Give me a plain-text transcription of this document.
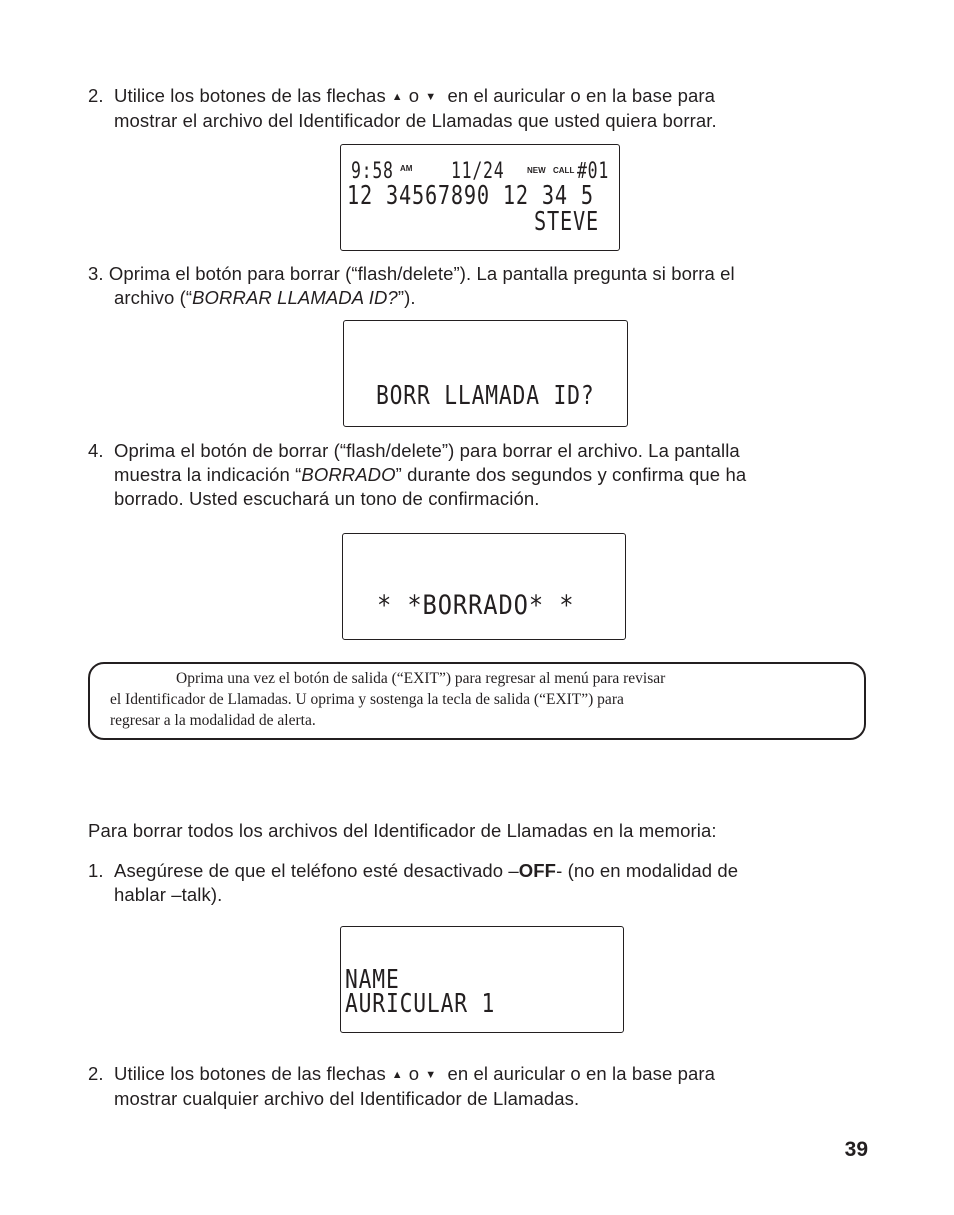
2. Utilice los botones de las flechas ▲ o ▼ en el auricular o en la base para
mostrar el archivo del Identificador de Llamadas que usted quiera borrar.
9:58 AM 11/24	NEW CALL #01
12 34567890 12 34 5
STEVE
3. Oprima el botón para borrar (“flash/delete”). La pantalla pregunta si borra el
archivo (“BORRAR LLAMADA ID?”).
BORR LLAMADA ID?
4. Oprima el botón de borrar (“flash/delete”) para borrar el archivo. La pantalla
muestra la indicación “BORRADO” durante dos segundos y confirma que ha
borrado. Usted escuchará un tono de confirmación.
* *BORRADO* *
Oprima una vez el botón de salida (“EXIT”) para regresar al menú para revisar
el Identificador de Llamadas. U oprima y sostenga la tecla de salida (“EXIT”) para
regresar a la modalidad de alerta.
Para borrar todos los archivos del Identificador de Llamadas en la memoria:
1. Asegúrese de que el teléfono esté desactivado –OFF- (no en modalidad de
hablar –talk).
NAME
AURICULAR 1
2. Utilice los botones de las flechas ▲ o ▼ en el auricular o en la base para
mostrar cualquier archivo del Identificador de Llamadas.
39
